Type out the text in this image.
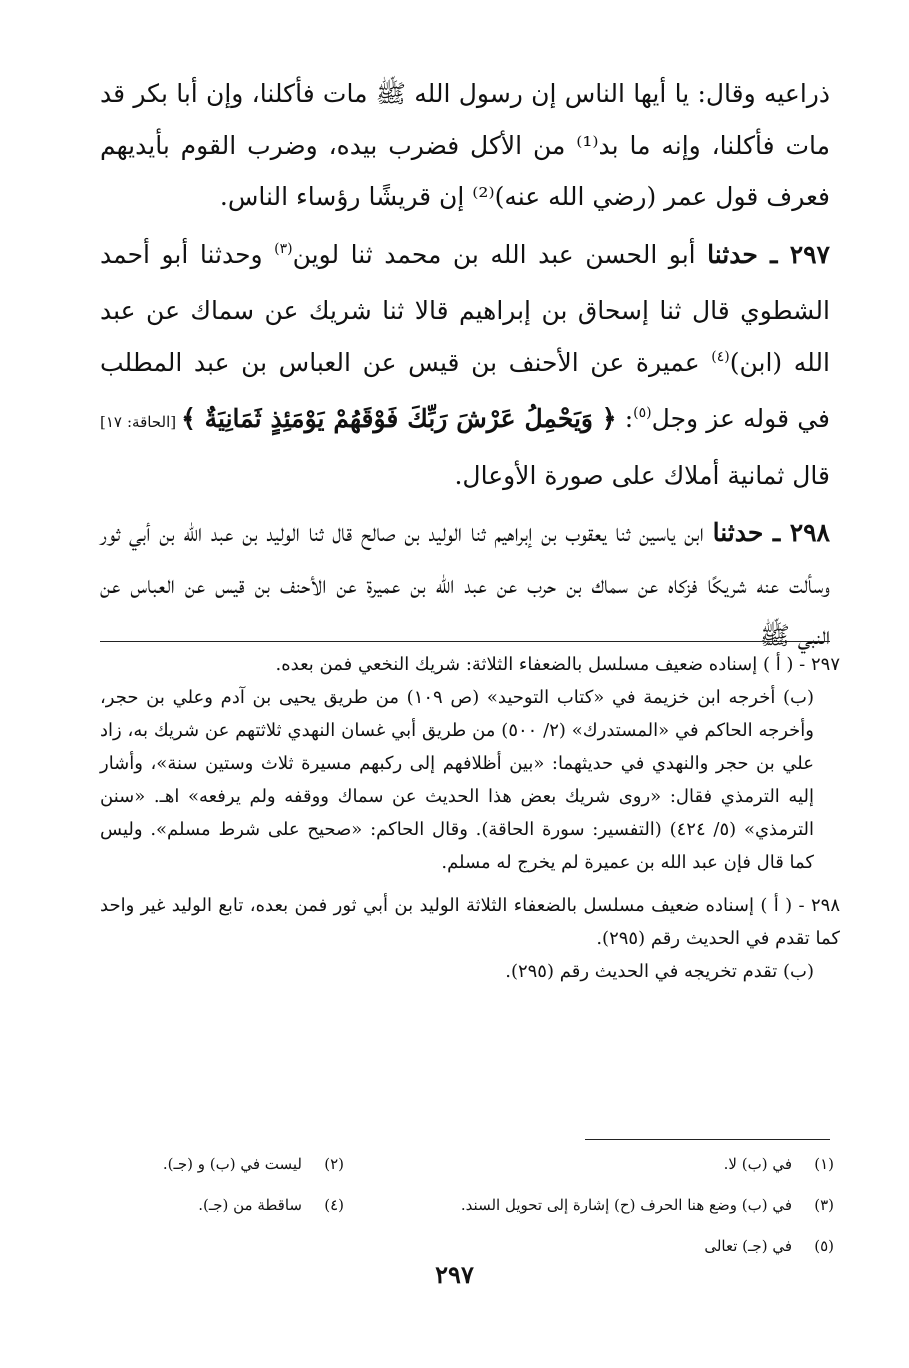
ذراعيه وقال: يا أيها الناس إن رسول الله ﷺ مات فأكلنا، وإن أبا بكر قد مات فأكلنا، وإنه ما بد⁽¹⁾ من الأكل فضرب بيده، وضرب القوم بأيديهم فعرف قول عمر (رضي الله عنه)⁽²⁾ إن قريشًا رؤساء الناس.

٢٩٧ ـ حدثنا أبو الحسن عبد الله بن محمد ثنا لوين$^{(٣)}$ وحدثنا أبو أحمد الشطوي قال ثنا إسحاق بن إبراهيم قالا ثنا شريك عن سماك عن عبد الله (ابن)$^{(٤)}$ عميرة عن الأحنف بن قيس عن العباس بن عبد المطلب في قوله عز وجل$^{(٥)}$: ﴿ وَيَحْمِلُ عَرْشَ رَبِّكَ فَوْقَهُمْ يَوْمَئِذٍ ثَمَانِيَةٌ ﴾ [الحاقة: ١٧] قال ثمانية أملاك على صورة الأوعال.

٢٩٨ ـ حدثنا ابن ياسين ثنا يعقوب بن إبراهيم ثنا الوليد بن صالح قال ثنا الوليد بن عبد الله بن أبي ثور وسألت عنه شريكًا فزكاه عن سماك بن حرب عن عبد الله بن عميرة عن الأحنف بن قيس عن العباس عن النبي ﷺ

٢٩٧ - ( أ ) إسناده ضعيف مسلسل بالضعفاء الثلاثة: شريك النخعي فمن بعده.

(ب) أخرجه ابن خزيمة في «كتاب التوحيد» (ص ١٠٩) من طريق يحيى بن آدم وعلي بن حجر، وأخرجه الحاكم في «المستدرك» (٢/ ٥٠٠) من طريق أبي غسان النهدي ثلاثتهم عن شريك به، زاد علي بن حجر والنهدي في حديثهما: «بين أظلافهم إلى ركبهم مسيرة ثلاث وستين سنة»، وأشار إليه الترمذي فقال: «روى شريك بعض هذا الحديث عن سماك ووقفه ولم يرفعه» اهـ. «سنن الترمذي» (٥/ ٤٢٤) (التفسير: سورة الحاقة). وقال الحاكم: «صحيح على شرط مسلم». وليس كما قال فإن عبد الله بن عميرة لم يخرج له مسلم.

٢٩٨ - ( أ ) إسناده ضعيف مسلسل بالضعفاء الثلاثة الوليد بن أبي ثور فمن بعده، تابع الوليد غير واحد كما تقدم في الحديث رقم (٢٩٥).

(ب) تقدم تخريجه في الحديث رقم (٢٩٥).

(١)في (ب) لا.
(٢)ليست في (ب) و (جـ).
(٣)في (ب) وضع هنا الحرف (ح) إشارة إلى تحويل السند.
(٤)ساقطة من (جـ).
(٥)في (جـ) تعالى
٢٩٧
